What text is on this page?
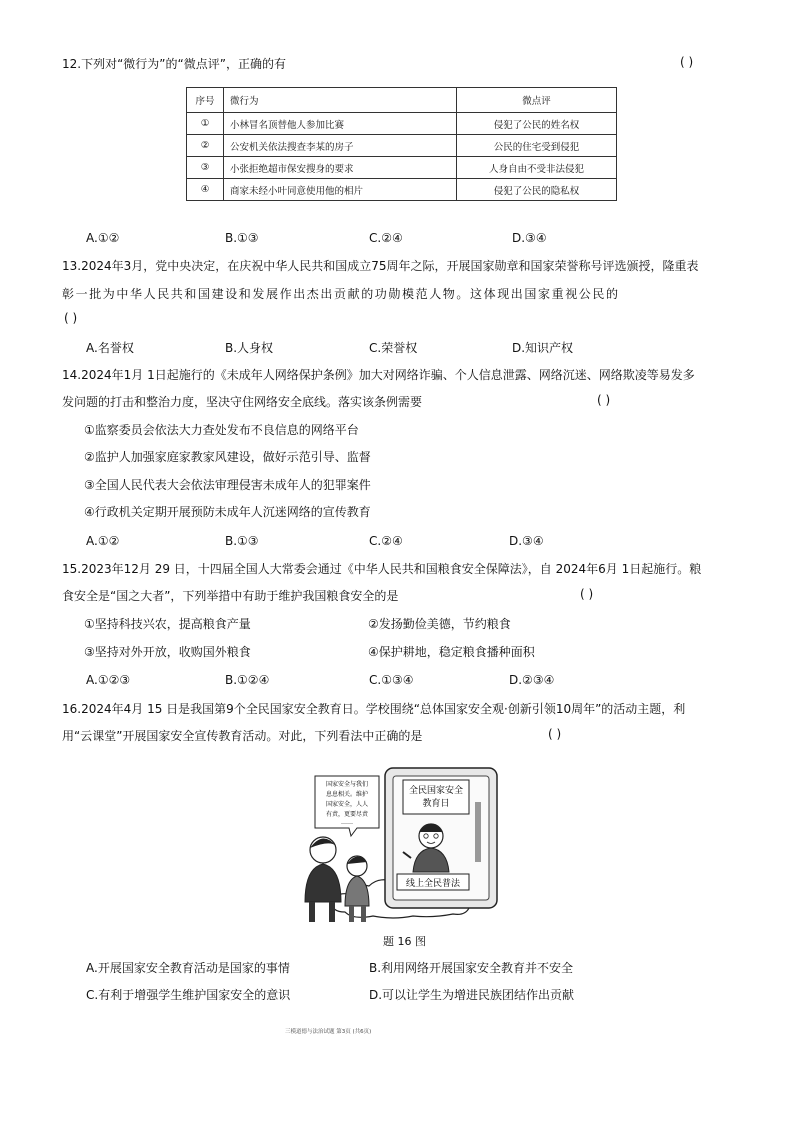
12.下列对“微行为”的“微点评”，正确的有	( )
序号	微行为	微点评
①	小林冒名顶替他人参加比赛	侵犯了公民的姓名权
②	公安机关依法搜查李某的房子	公民的住宅受到侵犯
③	小张拒绝超市保安搜身的要求	人身自由不受非法侵犯
④	商家未经小叶同意使用他的相片	侵犯了公民的隐私权
A.①②	B.①③	C.②④	D.③④
13.2024年3月，党中央决定，在庆祝中华人民共和国成立75周年之际，开展国家勋章和国家荣誉称号评选颁授，隆重表
彰一批为中华人民共和国建设和发展作出杰出贡献的功勋模范人物。这体现出国家重视公民的
( )
A.名誉权	B.人身权	C.荣誉权	D.知识产权
14.2024年1月 1日起施行的《未成年人网络保护条例》加大对网络诈骗、个人信息泄露、网络沉迷、网络欺凌等易发多
发问题的打击和整治力度，坚决守住网络安全底线。落实该条例需要	( )
①监察委员会依法大力查处发布不良信息的网络平台
②监护人加强家庭家教家风建设，做好示范引导、监督
③全国人民代表大会依法审理侵害未成年人的犯罪案件
④行政机关定期开展预防未成年人沉迷网络的宣传教育
A.①②	B.①③	C.②④	D.③④
15.2023年12月 29 日，十四届全国人大常委会通过《中华人民共和国粮食安全保障法》，自 2024年6月 1日起施行。粮
食安全是“国之大者”，下列举措中有助于维护我国粮食安全的是	( )
①坚持科技兴农，提高粮食产量	②发扬勤俭美德，节约粮食
③坚持对外开放，收购国外粮食	④保护耕地，稳定粮食播种面积
A.①②③	B.①②④	C.①③④	D.②③④
16.2024年4月 15 日是我国第9个全民国家安全教育日。学校围绕“总体国家安全观·创新引领10周年”的活动主题，利
用“云课堂”开展国家安全宣传教育活动。对此，下列看法中正确的是	( )
全民国家安全
教育日
线上全民普法
国家安全与我们
息息相关。维护
国家安全，人人
有责，更要尽责
……
题 16 图
A.开展国家安全教育活动是国家的事情	B.利用网络开展国家安全教育并不安全
C.有利于增强学生维护国家安全的意识	D.可以让学生为增进民族团结作出贡献
三模道德与法治试题 第3页 (共6页)
